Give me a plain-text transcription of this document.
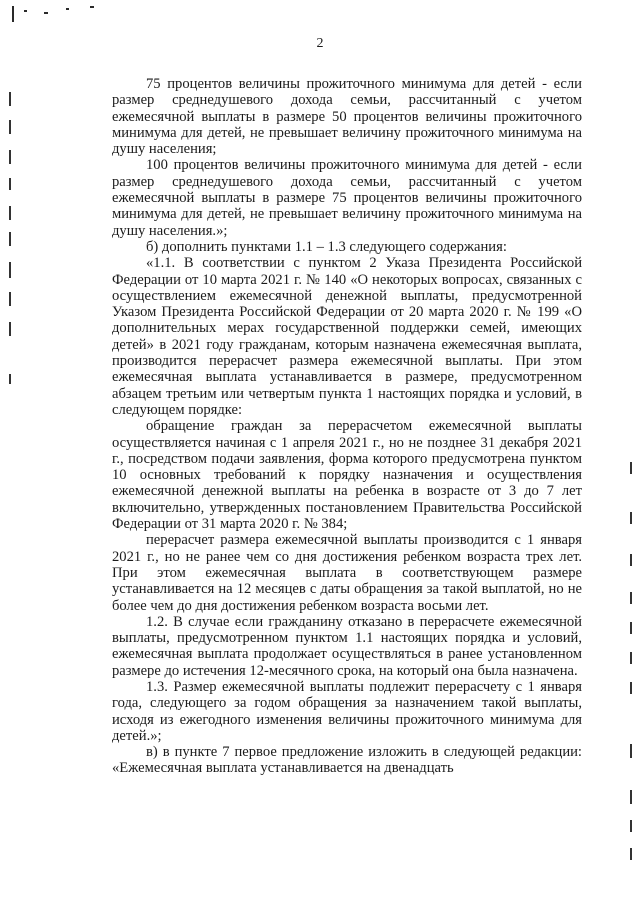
2

75 процентов величины прожиточного минимума для детей - если размер среднедушевого дохода семьи, рассчитанный с учетом ежемесячной выплаты в размере 50 процентов величины прожиточного минимума для детей, не превышает величину прожиточного минимума на душу населения;

100 процентов величины прожиточного минимума для детей - если размер среднедушевого дохода семьи, рассчитанный с учетом ежемесячной выплаты в размере 75 процентов величины прожиточного минимума для детей, не превышает величину прожиточного минимума на душу населения.»;

б) дополнить пунктами 1.1 – 1.3 следующего содержания:

«1.1. В соответствии с пунктом 2 Указа Президента Российской Федерации от 10 марта 2021 г. № 140 «О некоторых вопросах, связанных с осуществлением ежемесячной денежной выплаты, предусмотренной Указом Президента Российской Федерации от 20 марта 2020 г. № 199 «О дополнительных мерах государственной поддержки семей, имеющих детей» в 2021 году гражданам, которым назначена ежемесячная выплата, производится перерасчет размера ежемесячной выплаты. При этом ежемесячная выплата устанавливается в размере, предусмотренном абзацем третьим или четвертым пункта 1 настоящих порядка и условий, в следующем порядке:

обращение граждан за перерасчетом ежемесячной выплаты осуществляется начиная с 1 апреля 2021 г., но не позднее 31 декабря 2021 г., посредством подачи заявления, форма которого предусмотрена пунктом 10 основных требований к порядку назначения и осуществления ежемесячной денежной выплаты на ребенка в возрасте от 3 до 7 лет включительно, утвержденных постановлением Правительства Российской Федерации от 31 марта 2020 г. № 384;

перерасчет размера ежемесячной выплаты производится с 1 января 2021 г., но не ранее чем со дня достижения ребенком возраста трех лет. При этом ежемесячная выплата в соответствующем размере устанавливается на 12 месяцев с даты обращения за такой выплатой, но не более чем до дня достижения ребенком возраста восьми лет.

1.2. В случае если гражданину отказано в перерасчете ежемесячной выплаты, предусмотренном пунктом 1.1 настоящих порядка и условий, ежемесячная выплата продолжает осуществляться в ранее установленном размере до истечения 12-месячного срока, на который она была назначена.

1.3. Размер ежемесячной выплаты подлежит перерасчету с 1 января года, следующего за годом обращения за назначением такой выплаты, исходя из ежегодного изменения величины прожиточного минимума для детей.»;

в) в пункте 7 первое предложение изложить в следующей редакции: «Ежемесячная выплата устанавливается на двенадцать
